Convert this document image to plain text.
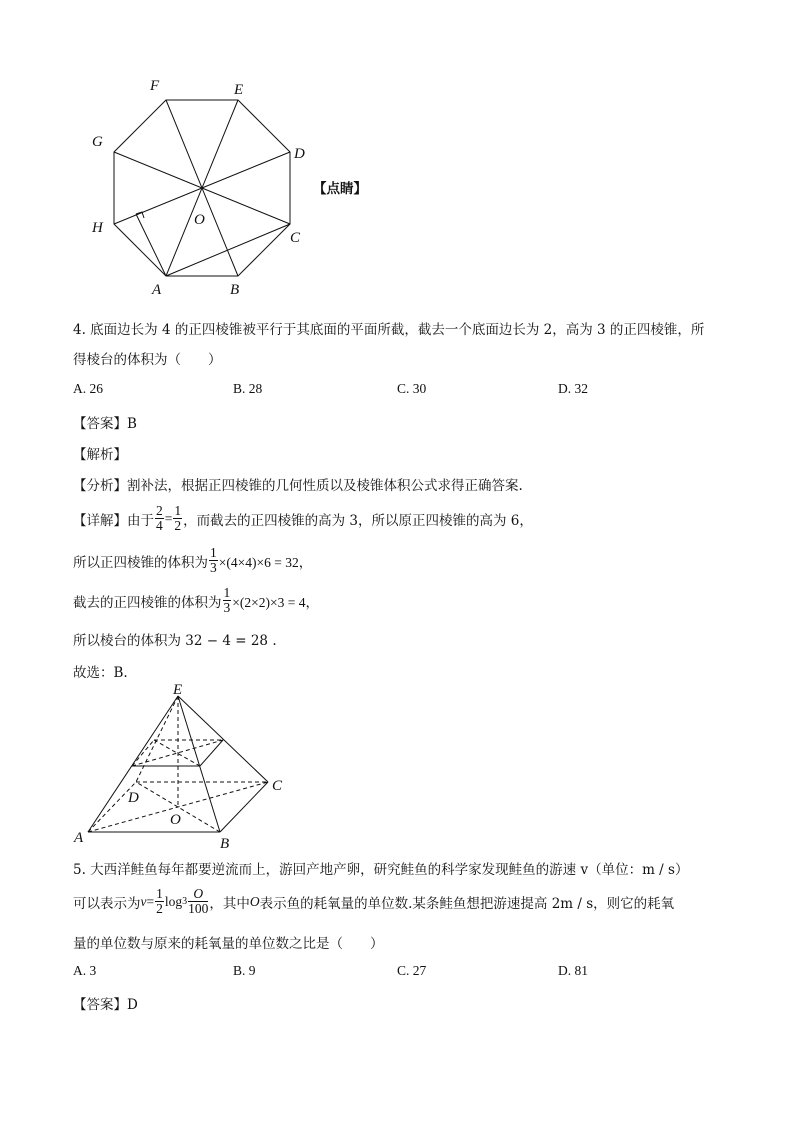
F	E
G
D
H	O
C
A	B
【点睛】
4. 底面边长为 4 的正四棱锥被平行于其底面的平面所截，截去一个底面边长为 2，高为 3 的正四棱锥，所
得棱台的体积为（　　）
A. 26	B. 28	C. 30	D. 32
【答案】B
【解析】
【分析】割补法，根据正四棱锥的几何性质以及棱锥体积公式求得正确答案.
【详解】 由于 $\frac{2}{4} = \frac{1}{2}$ ，而截去的正四棱锥的高为 3，所以原正四棱锥的高为 6，
所以正四棱锥的体积为 $\frac{1}{3} \times(4\times 4)\times 6 = 32$，
截去的正四棱锥的体积为 $\frac{1}{3} \times(2\times 2)\times 3 = 4$，
所以棱台的体积为 32 − 4 = 28 .
故选：B.
E
D
C
O
A	B
5. 大西洋鲑鱼每年都要逆流而上，游回产地产卵，研究鲑鱼的科学家发现鲑鱼的游速 v（单位：m / s）
可以表示为 $v = \frac{1}{2}$ $\log 3 \frac{O}{100}$ ，其中 O 表示鱼的耗氧量的单位数.某条鲑鱼想把游速提高 2m / s，则它的耗氧
量的单位数与原来的耗氧量的单位数之比是（　　）
A. 3	B. 9	C. 27	D. 81
【答案】D
